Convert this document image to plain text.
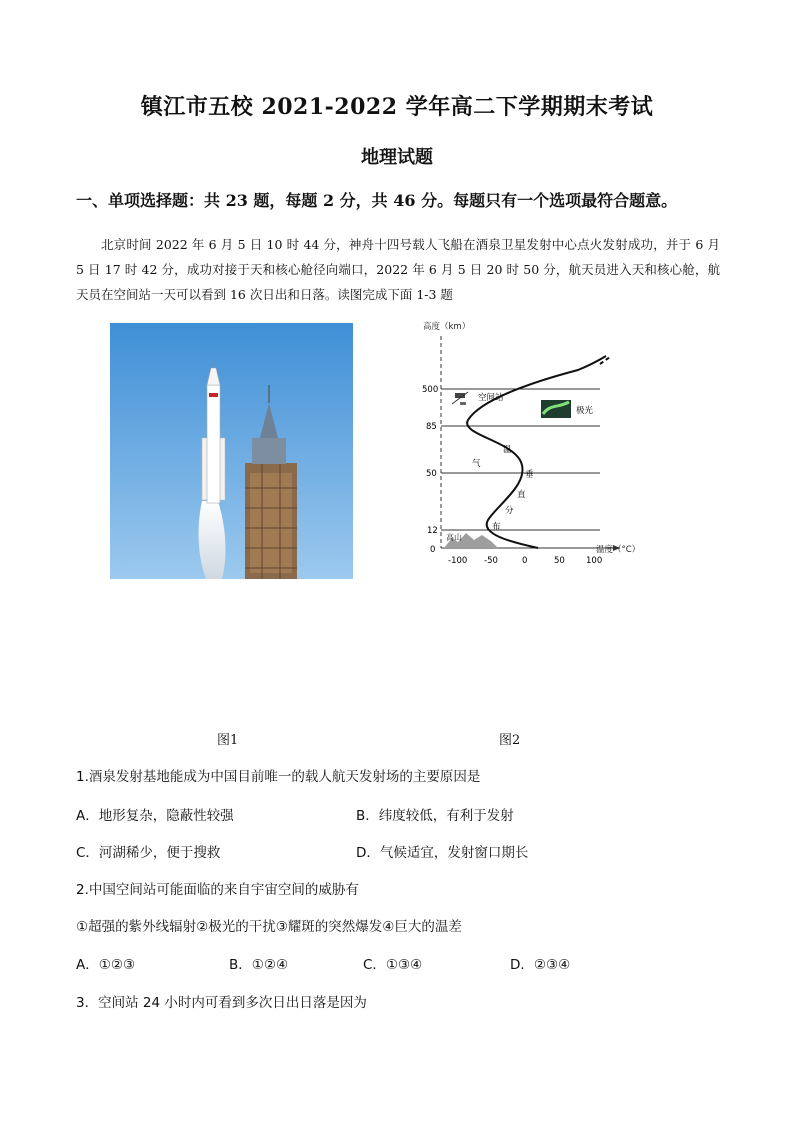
镇江市五校 2021-2022 学年高二下学期期末考试
地理试题
一、单项选择题：共 23 题，每题 2 分，共 46 分。每题只有一个选项最符合题意。
北京时间 2022 年 6 月 5 日 10 时 44 分，神舟十四号载人飞船在酒泉卫星发射中心点火发射成功，并于 6 月 5 日 17 时 42 分，成功对接于天和核心舱径向端口，2022 年 6 月 5 日 20 时 50 分，航天员进入天和核心舱，航天员在空间站一天可以看到 16 次日出和日落。读图完成下面 1-3 题
高度（km）
温度（°C）
500
85
50
12
0
-100 -50	0	50 100
高山
气
温
垂
直
分
布
空间站
极光
图1	图2
1.酒泉发射基地能成为中国目前唯一的载人航天发射场的主要原因是
A．地形复杂，隐蔽性较强	B．纬度较低，有利于发射
C．河湖稀少，便于搜救	D．气候适宜，发射窗口期长
2.中国空间站可能面临的来自宇宙空间的威胁有
①超强的紫外线辐射②极光的干扰③耀斑的突然爆发④巨大的温差
A．①②③	B．①②④	C．①③④	D．②③④
3．空间站 24 小时内可看到多次日出日落是因为
